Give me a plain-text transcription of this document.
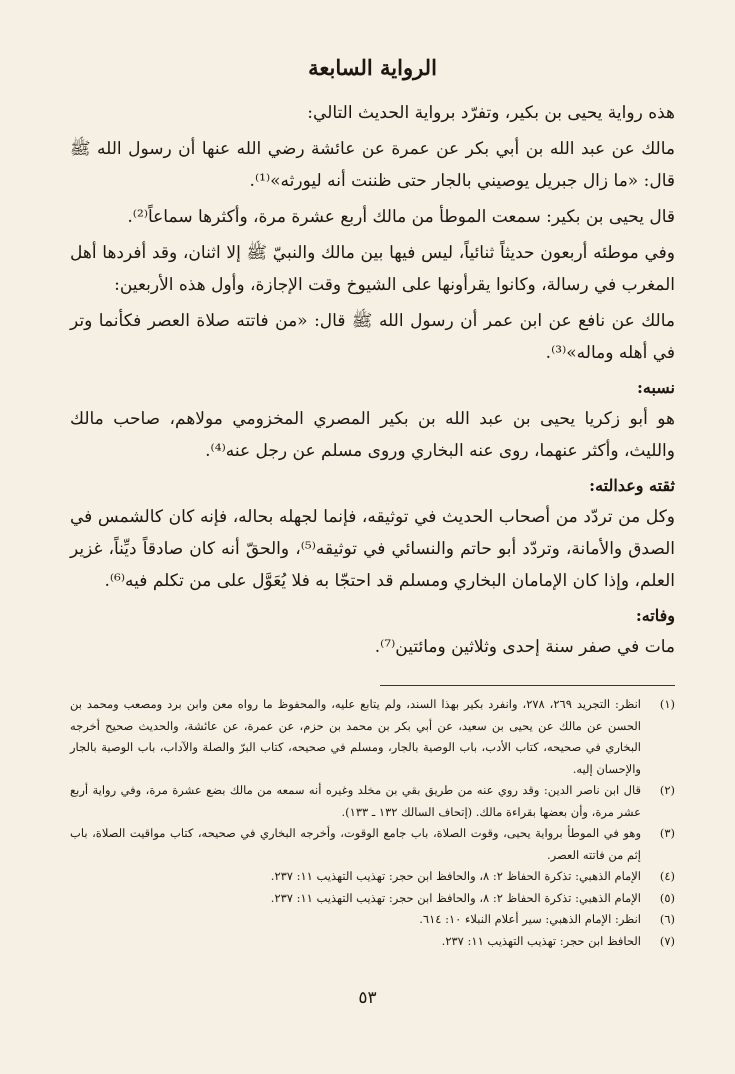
الرواية السابعة

هذه رواية يحيى بن بكير، وتفرّد برواية الحديث التالي:

مالك عن عبد الله بن أبي بكر عن عمرة عن عائشة رضي الله عنها أن رسول الله ﷺ قال: «ما زال جبريل يوصيني بالجار حتى ظننت أنه ليورثه»⁽¹⁾.

قال يحيى بن بكير: سمعت الموطأ من مالك أربع عشرة مرة، وأكثرها سماعاً⁽²⁾.

وفي موطئه أربعون حديثاً ثنائياً، ليس فيها بين مالك والنبيّ ﷺ إلا اثنان، وقد أفردها أهل المغرب في رسالة، وكانوا يقرأونها على الشيوخ وقت الإجازة، وأول هذه الأربعين:

مالك عن نافع عن ابن عمر أن رسول الله ﷺ قال: «من فاتته صلاة العصر فكأنما وتر في أهله وماله»⁽³⁾.

نسبه:

هو أبو زكريا يحيى بن عبد الله بن بكير المصري المخزومي مولاهم، صاحب مالك والليث، وأكثر عنهما، روى عنه البخاري وروى مسلم عن رجل عنه⁽⁴⁾.

ثقته وعدالته:

وكل من تردّد من أصحاب الحديث في توثيقه، فإنما لجهله بحاله، فإنه كان كالشمس في الصدق والأمانة، وتردّد أبو حاتم والنسائي في توثيقه⁽⁵⁾، والحقّ أنه كان صادقاً ديِّناً، غزير العلم، وإذا كان الإمامان البخاري ومسلم قد احتجّا به فلا يُعَوَّل على من تكلم فيه⁽⁶⁾.

وفاته:

مات في صفر سنة إحدى وثلاثين ومائتين⁽⁷⁾.

(١)
انظر: التجريد ٢٦٩، ٢٧٨، وانفرد بكير بهذا السند، ولم يتابع عليه، والمحفوظ ما رواه معن وابن برد ومصعب ومحمد بن الحسن عن مالك عن يحيى بن سعيد، عن أبي بكر بن محمد بن حزم، عن عمرة، عن عائشة، والحديث صحيح أخرجه البخاري في صحيحه، كتاب الأدب، باب الوصية بالجار، ومسلم في صحيحه، كتاب البرّ والصلة والآداب، باب الوصية بالجار والإحسان إليه.
(٢)
قال ابن ناصر الدين: وقد روي عنه من طريق بقي بن مخلد وغيره أنه سمعه من مالك بضع عشرة مرة، وفي رواية أربع عشر مرة، وأن بعضها بقراءة مالك. (إتحاف السالك ١٣٢ ـ ١٣٣).
(٣)
وهو في الموطأ برواية يحيى، وقوت الصلاة، باب جامع الوقوت، وأخرجه البخاري في صحيحه، كتاب مواقيت الصلاة، باب إثم من فاتته العصر.
(٤)
الإمام الذهبي: تذكرة الحفاظ ٢: ٨، والحافظ ابن حجر: تهذيب التهذيب ١١: ٢٣٧.
(٥)
الإمام الذهبي: تذكرة الحفاظ ٢: ٨، والحافظ ابن حجر: تهذيب التهذيب ١١: ٢٣٧.
(٦)
انظر: الإمام الذهبي: سير أعلام النبلاء ١٠: ٦١٤.
(٧)
الحافظ ابن حجر: تهذيب التهذيب ١١: ٢٣٧.
٥٣
